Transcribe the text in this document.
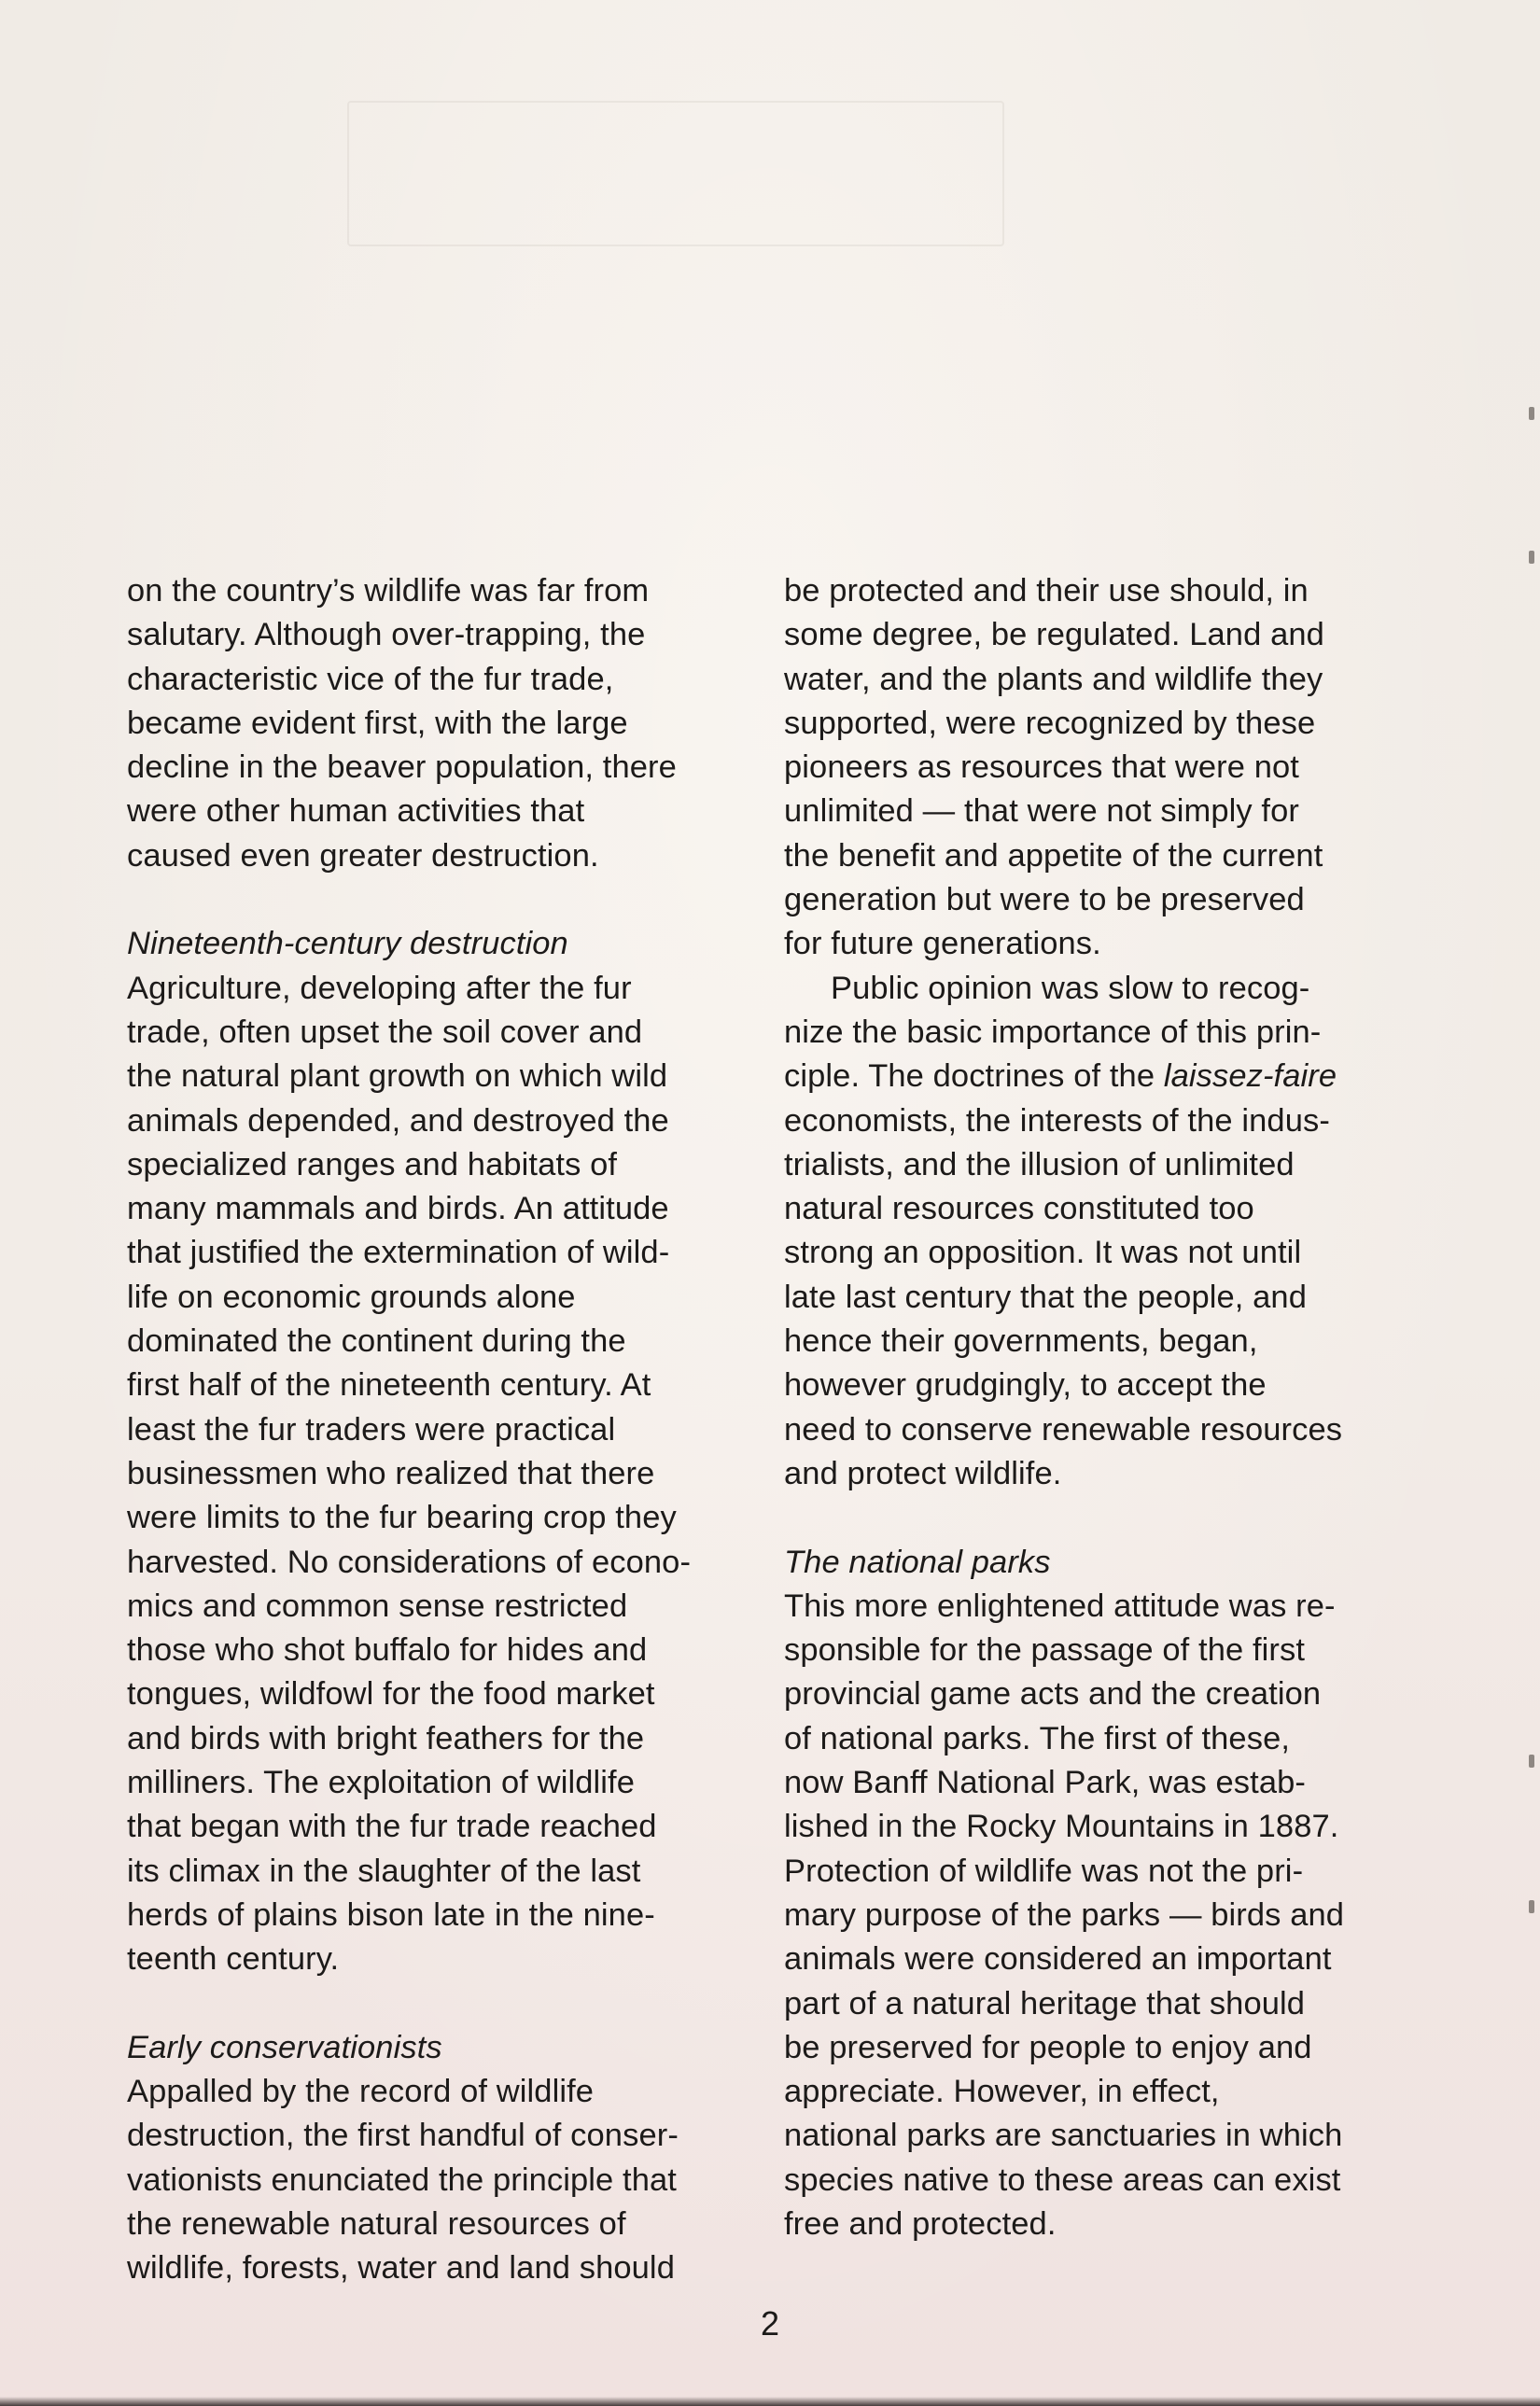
on the country’s wildlife was far from
salutary. Although over-trapping, the
characteristic vice of the fur trade,
became evident first, with the large
decline in the beaver population, there
were other human activities that
caused even greater destruction.
Nineteenth-century destruction
Agriculture, developing after the fur
trade, often upset the soil cover and
the natural plant growth on which wild
animals depended, and destroyed the
specialized ranges and habitats of
many mammals and birds. An attitude
that justified the extermination of wild-
life on economic grounds alone
dominated the continent during the
first half of the nineteenth century. At
least the fur traders were practical
businessmen who realized that there
were limits to the fur bearing crop they
harvested. No considerations of econo-
mics and common sense restricted
those who shot buffalo for hides and
tongues, wildfowl for the food market
and birds with bright feathers for the
milliners. The exploitation of wildlife
that began with the fur trade reached
its climax in the slaughter of the last
herds of plains bison late in the nine-
teenth century.
Early conservationists
Appalled by the record of wildlife
destruction, the first handful of conser-
vationists enunciated the principle that
the renewable natural resources of
wildlife, forests, water and land should
be protected and their use should, in
some degree, be regulated. Land and
water, and the plants and wildlife they
supported, were recognized by these
pioneers as resources that were not
unlimited — that were not simply for
the benefit and appetite of the current
generation but were to be preserved
for future generations.
Public opinion was slow to recog-
nize the basic importance of this prin-
ciple. The doctrines of the laissez-faire
economists, the interests of the indus-
trialists, and the illusion of unlimited
natural resources constituted too
strong an opposition. It was not until
late last century that the people, and
hence their governments, began,
however grudgingly, to accept the
need to conserve renewable resources
and protect wildlife.
The national parks
This more enlightened attitude was re-
sponsible for the passage of the first
provincial game acts and the creation
of national parks. The first of these,
now Banff National Park, was estab-
lished in the Rocky Mountains in 1887.
Protection of wildlife was not the pri-
mary purpose of the parks — birds and
animals were considered an important
part of a natural heritage that should
be preserved for people to enjoy and
appreciate. However, in effect,
national parks are sanctuaries in which
species native to these areas can exist
free and protected.
2
